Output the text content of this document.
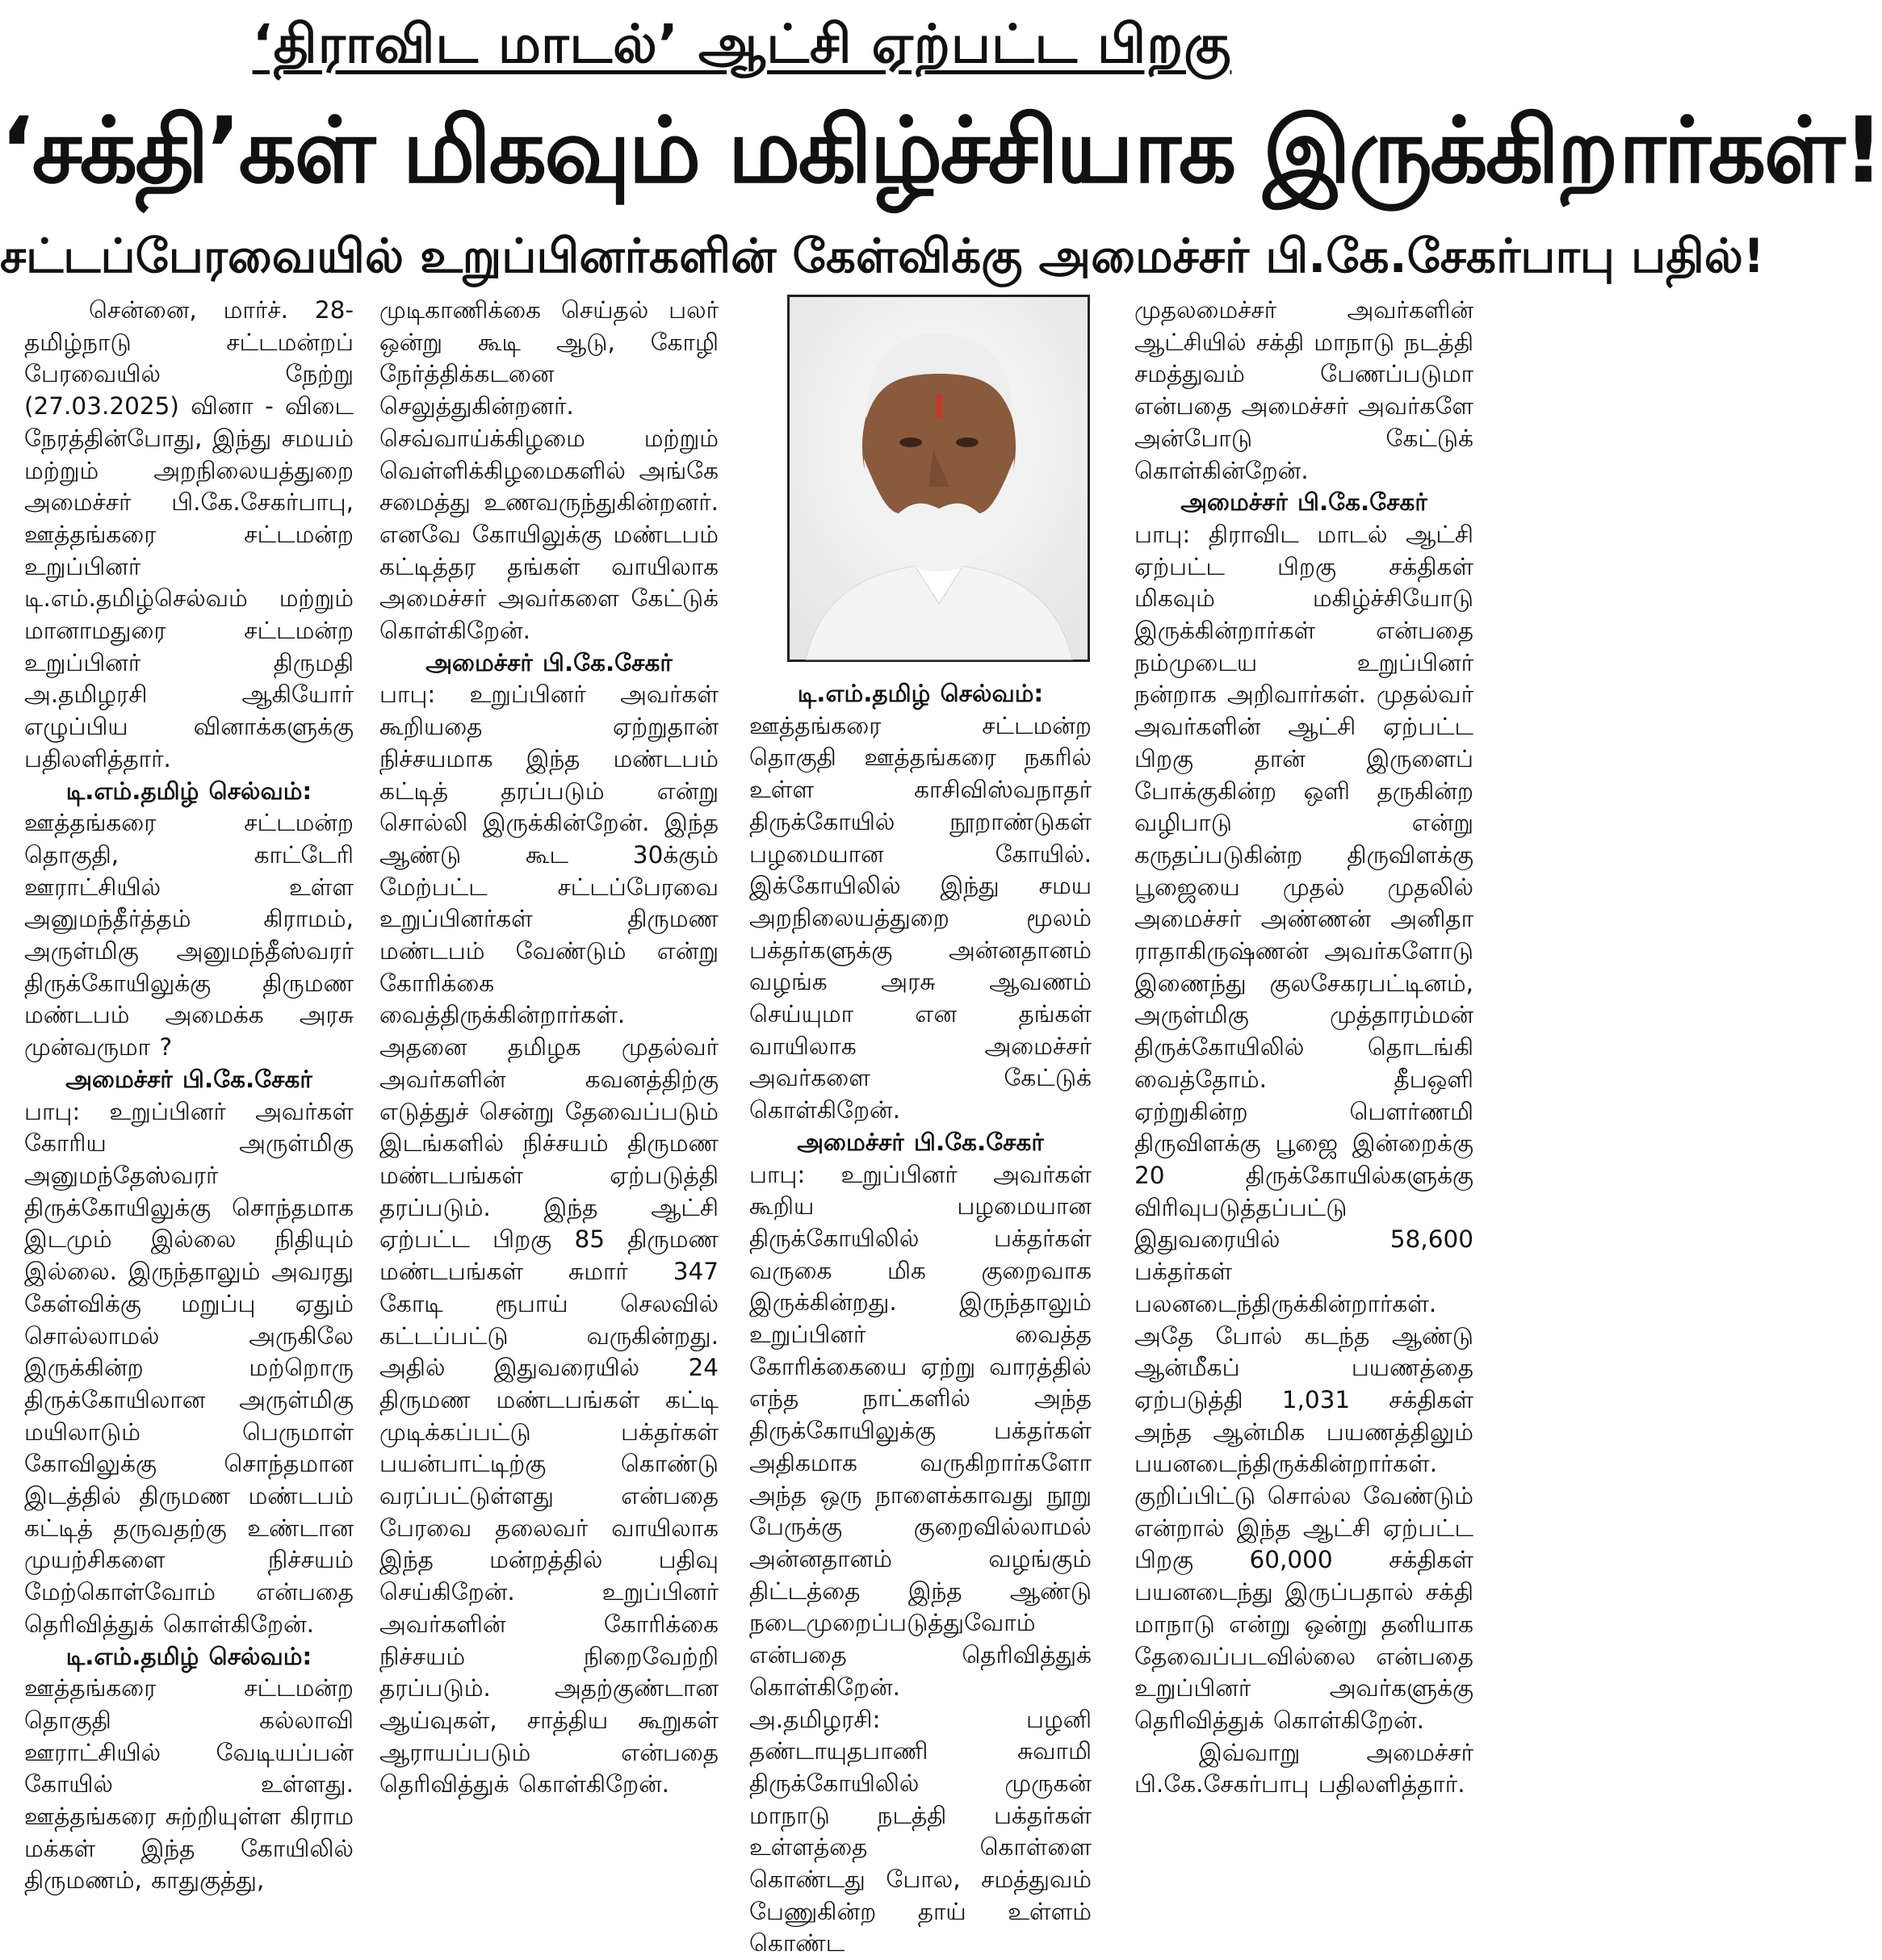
‘திராவிட மாடல்’ ஆட்சி ஏற்பட்ட பிறகு
‘சக்தி’கள் மிகவும் மகிழ்ச்சியாக இருக்கிறார்கள்!
சட்டப்பேரவையில் உறுப்பினர்களின் கேள்விக்கு அமைச்சர் பி.கே.சேகர்பாபு பதில்!

சென்னை, மார்ச். 28- தமிழ்நாடு சட்டமன்றப் பேரவையில் நேற்று (27.03.2025) வினா - விடை நேரத்தின்போது, இந்து சமயம் மற்றும் அறநிலையத்துறை அமைச்சர் பி.கே.சேகர்பாபு, ஊத்தங்கரை சட்டமன்ற உறுப்பினர் டி.எம்.தமிழ்செல்வம் மற்றும் மானாமதுரை சட்டமன்ற உறுப்பினர் திருமதி அ.தமிழரசி ஆகியோர் எழுப்பிய வினாக்களுக்கு பதிலளித்தார்.

டி.எம்.தமிழ் செல்வம்:

ஊத்தங்கரை சட்டமன்ற தொகுதி, காட்டேரி ஊராட்சியில் உள்ள அனுமந்தீர்த்தம் கிராமம், அருள்மிகு அனுமந்தீஸ்வரர் திருக்கோயிலுக்கு திருமண மண்டபம் அமைக்க அரசு முன்வருமா ?

அமைச்சர் பி.கே.சேகர்

பாபு: உறுப்பினர் அவர்கள் கோரிய அருள்மிகு அனுமந்தேஸ்வரர் திருக்கோயிலுக்கு சொந்தமாக இடமும் இல்லை நிதியும் இல்லை. இருந்தாலும் அவரது கேள்விக்கு மறுப்பு ஏதும் சொல்லாமல் அருகிலே இருக்கின்ற மற்றொரு திருக்கோயிலான அருள்மிகு மயிலாடும் பெருமாள் கோவிலுக்கு சொந்தமான இடத்தில் திருமண மண்டபம் கட்டித் தருவதற்கு உண்டான முயற்சிகளை நிச்சயம் மேற்கொள்வோம் என்பதை தெரிவித்துக் கொள்கிறேன்.

டி.எம்.தமிழ் செல்வம்:

ஊத்தங்கரை சட்டமன்ற தொகுதி கல்லாவி ஊராட்சியில் வேடியப்பன் கோயில் உள்ளது. ஊத்தங்கரை சுற்றியுள்ள கிராம மக்கள் இந்த கோயிலில் திருமணம், காதுகுத்து,

முடிகாணிக்கை செய்தல் பலர் ஒன்று கூடி ஆடு, கோழி நேர்த்திக்கடனை செலுத்துகின்றனர். செவ்வாய்க்கிழமை மற்றும் வெள்ளிக்கிழமைகளில் அங்கே சமைத்து உணவருந்துகின்றனர். எனவே கோயிலுக்கு மண்டபம் கட்டித்தர தங்கள் வாயிலாக அமைச்சர் அவர்களை கேட்டுக் கொள்கிறேன்.

அமைச்சர் பி.கே.சேகர்

பாபு: உறுப்பினர் அவர்கள் கூறியதை ஏற்றுதான் நிச்சயமாக இந்த மண்டபம் கட்டித் தரப்படும் என்று சொல்லி இருக்கின்றேன். இந்த ஆண்டு கூட 30க்கும் மேற்பட்ட சட்டப்பேரவை உறுப்பினர்கள் திருமண மண்டபம் வேண்டும் என்று கோரிக்கை வைத்திருக்கின்றார்கள். அதனை தமிழக முதல்வர் அவர்களின் கவனத்திற்கு எடுத்துச் சென்று தேவைப்படும் இடங்களில் நிச்சயம் திருமண மண்டபங்கள் ஏற்படுத்தி தரப்படும். இந்த ஆட்சி ஏற்பட்ட பிறகு 85 திருமண மண்டபங்கள் சுமார் 347 கோடி ரூபாய் செலவில் கட்டப்பட்டு வருகின்றது. அதில் இதுவரையில் 24 திருமண மண்டபங்கள் கட்டி முடிக்கப்பட்டு பக்தர்கள் பயன்பாட்டிற்கு கொண்டு வரப்பட்டுள்ளது என்பதை பேரவை தலைவர் வாயிலாக இந்த மன்றத்தில் பதிவு செய்கிறேன். உறுப்பினர் அவர்களின் கோரிக்கை நிச்சயம் நிறைவேற்றி தரப்படும். அதற்குண்டான ஆய்வுகள், சாத்திய கூறுகள் ஆராயப்படும் என்பதை தெரிவித்துக் கொள்கிறேன்.

டி.எம்.தமிழ் செல்வம்:

ஊத்தங்கரை சட்டமன்ற தொகுதி ஊத்தங்கரை நகரில் உள்ள காசிவிஸ்வநாதர் திருக்கோயில் நூறாண்டுகள் பழமையான கோயில். இக்கோயிலில் இந்து சமய அறநிலையத்துறை மூலம் பக்தர்களுக்கு அன்னதானம் வழங்க அரசு ஆவணம் செய்யுமா என தங்கள் வாயிலாக அமைச்சர் அவர்களை கேட்டுக் கொள்கிறேன்.

அமைச்சர் பி.கே.சேகர்

பாபு: உறுப்பினர் அவர்கள் கூறிய பழமையான திருக்கோயிலில் பக்தர்கள் வருகை மிக குறைவாக இருக்கின்றது. இருந்தாலும் உறுப்பினர் வைத்த கோரிக்கையை ஏற்று வாரத்தில் எந்த நாட்களில் அந்த திருக்கோயிலுக்கு பக்தர்கள் அதிகமாக வருகிறார்களோ அந்த ஒரு நாளைக்காவது நூறு பேருக்கு குறைவில்லாமல் அன்னதானம் வழங்கும் திட்டத்தை இந்த ஆண்டு நடைமுறைப்படுத்துவோம் என்பதை தெரிவித்துக் கொள்கிறேன்.

அ.தமிழரசி: பழனி தண்டாயுதபாணி சுவாமி திருக்கோயிலில் முருகன் மாநாடு நடத்தி பக்தர்கள் உள்ளத்தை கொள்ளை கொண்டது போல, சமத்துவம் பேணுகின்ற தாய் உள்ளம் கொண்ட

முதலமைச்சர் அவர்களின் ஆட்சியில் சக்தி மாநாடு நடத்தி சமத்துவம் பேணப்படுமா என்பதை அமைச்சர் அவர்களே அன்போடு கேட்டுக் கொள்கின்றேன்.

அமைச்சர் பி.கே.சேகர்

பாபு: திராவிட மாடல் ஆட்சி ஏற்பட்ட பிறகு சக்திகள் மிகவும் மகிழ்ச்சியோடு இருக்கின்றார்கள் என்பதை நம்முடைய உறுப்பினர் நன்றாக அறிவார்கள். முதல்வர் அவர்களின் ஆட்சி ஏற்பட்ட பிறகு தான் இருளைப் போக்குகின்ற ஒளி தருகின்ற வழிபாடு என்று கருதப்படுகின்ற திருவிளக்கு பூஜையை முதல் முதலில் அமைச்சர் அண்ணன் அனிதா ராதாகிருஷ்ணன் அவர்களோடு இணைந்து குலசேகரபட்டினம், அருள்மிகு முத்தாரம்மன் திருக்கோயிலில் தொடங்கி வைத்தோம். தீபஒளி ஏற்றுகின்ற பௌர்ணமி திருவிளக்கு பூஜை இன்றைக்கு 20 திருக்கோயில்களுக்கு விரிவுபடுத்தப்பட்டு இதுவரையில் 58,600 பக்தர்கள் பலனடைந்திருக்கின்றார்கள். அதே போல் கடந்த ஆண்டு ஆன்மீகப் பயணத்தை ஏற்படுத்தி 1,031 சக்திகள் அந்த ஆன்மிக பயணத்திலும் பயனடைந்திருக்கின்றார்கள். குறிப்பிட்டு சொல்ல வேண்டும் என்றால் இந்த ஆட்சி ஏற்பட்ட பிறகு 60,000 சக்திகள் பயனடைந்து இருப்பதால் சக்தி மாநாடு என்று ஒன்று தனியாக தேவைப்படவில்லை என்பதை உறுப்பினர் அவர்களுக்கு தெரிவித்துக் கொள்கிறேன்.

இவ்வாறு அமைச்சர் பி.கே.சேகர்பாபு பதிலளித்தார்.
